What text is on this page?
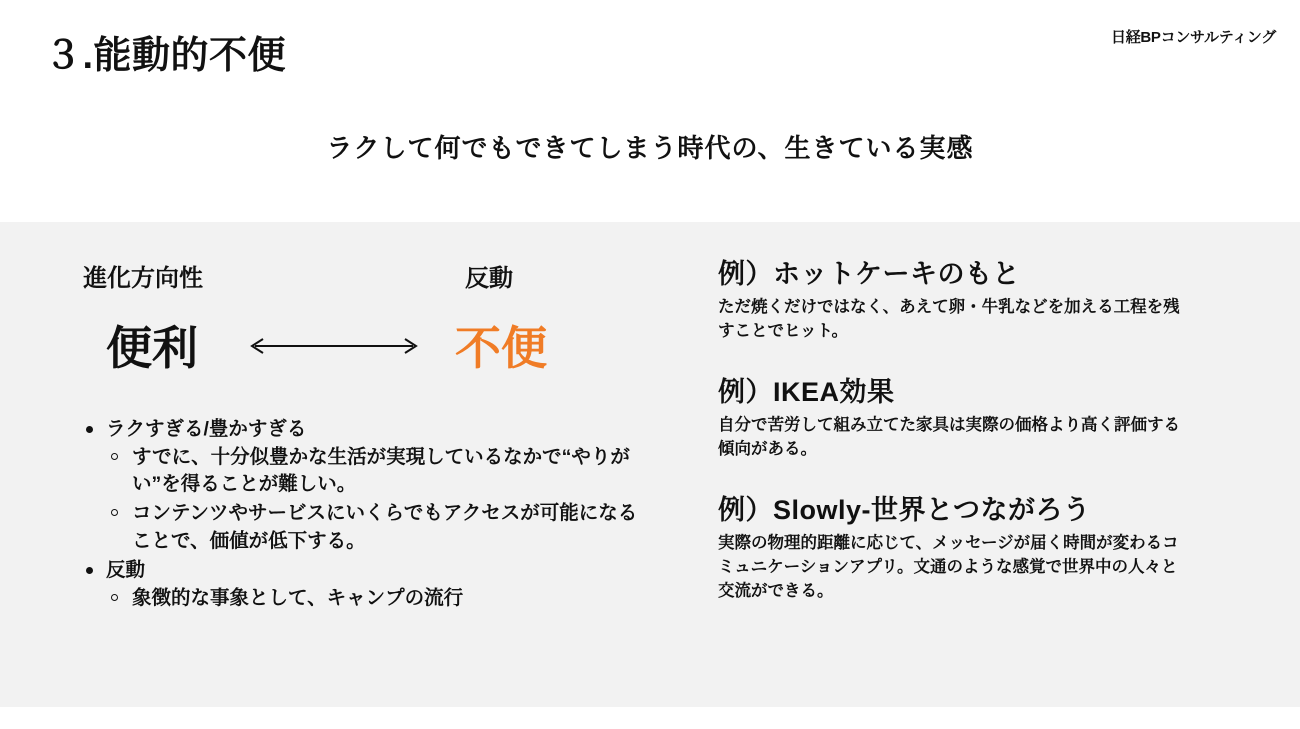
３.能動的不便	日経BPコンサルティング
ラクして何でもできてしまう時代の、生きている実感
進化方向性	反動
便利	不便
ラクすぎる/豊かすぎる
すでに、十分似豊かな生活が実現しているなかで“やりがい”を得ることが難しい。
コンテンツやサービスにいくらでもアクセスが可能になることで、価値が低下する。
反動
象徴的な事象として、キャンプの流行
例）ホットケーキのもと
ただ焼くだけではなく、あえて卵・牛乳などを加える工程を残すことでヒット。
例）IKEA効果
自分で苦労して組み立てた家具は実際の価格より高く評価する傾向がある。
例）Slowly-世界とつながろう
実際の物理的距離に応じて、メッセージが届く時間が変わるコミュニケーションアプリ。文通のような感覚で世界中の人々と交流ができる。
